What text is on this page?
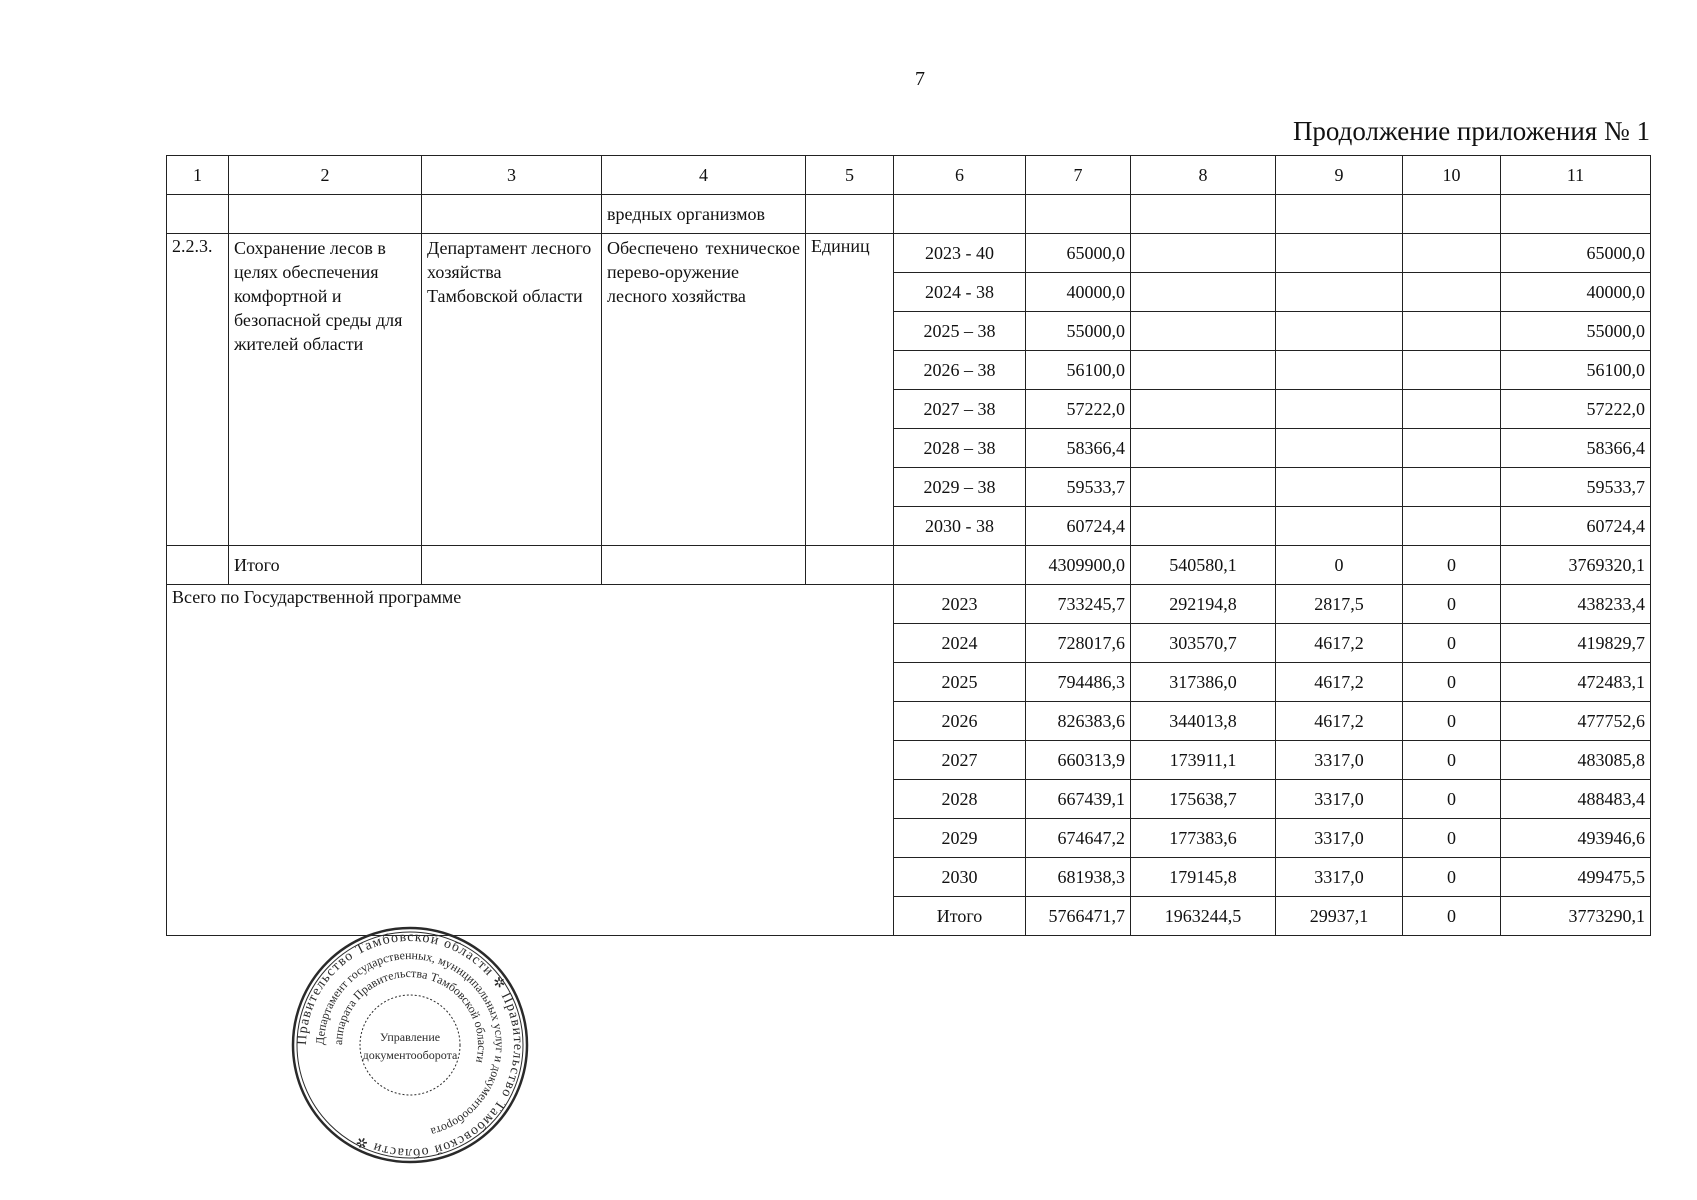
7
Продолжение приложения № 1
1	2	3	4	5	6	7	8	9	10	11
			вредных организмов							
2.2.3.	Сохранение лесов в целях обеспечения комфортной и безопасной среды для жителей области	Департамент лесного хозяйства Тамбовской области	Обеспечено техническое перево-оружение лесного хозяйства	Единиц	2023 - 40	65000,0				65000,0
					2024 - 38	40000,0				40000,0
					2025 – 38	55000,0				55000,0
					2026 – 38	56100,0				56100,0
					2027 – 38	57222,0				57222,0
					2028 – 38	58366,4				58366,4
					2029 – 38	59533,7				59533,7
					2030 - 38	60724,4				60724,4
	Итого					4309900,0	540580,1	0	0	3769320,1
Всего по Государственной программе					2023	733245,7	292194,8	2817,5	0	438233,4
					2024	728017,6	303570,7	4617,2	0	419829,7
					2025	794486,3	317386,0	4617,2	0	472483,1
					2026	826383,6	344013,8	4617,2	0	477752,6
					2027	660313,9	173911,1	3317,0	0	483085,8
					2028	667439,1	175638,7	3317,0	0	488483,4
					2029	674647,2	177383,6	3317,0	0	493946,6
					2030	681938,3	179145,8	3317,0	0	499475,5
					Итого	5766471,7	1963244,5	29937,1	0	3773290,1
Правительство Тамбовской области ✲ Правительство Тамбовской области ✲
Департамент государственных, муниципальных услуг и документооборота
аппарата Правительства Тамбовской области
Управление
документооборота
